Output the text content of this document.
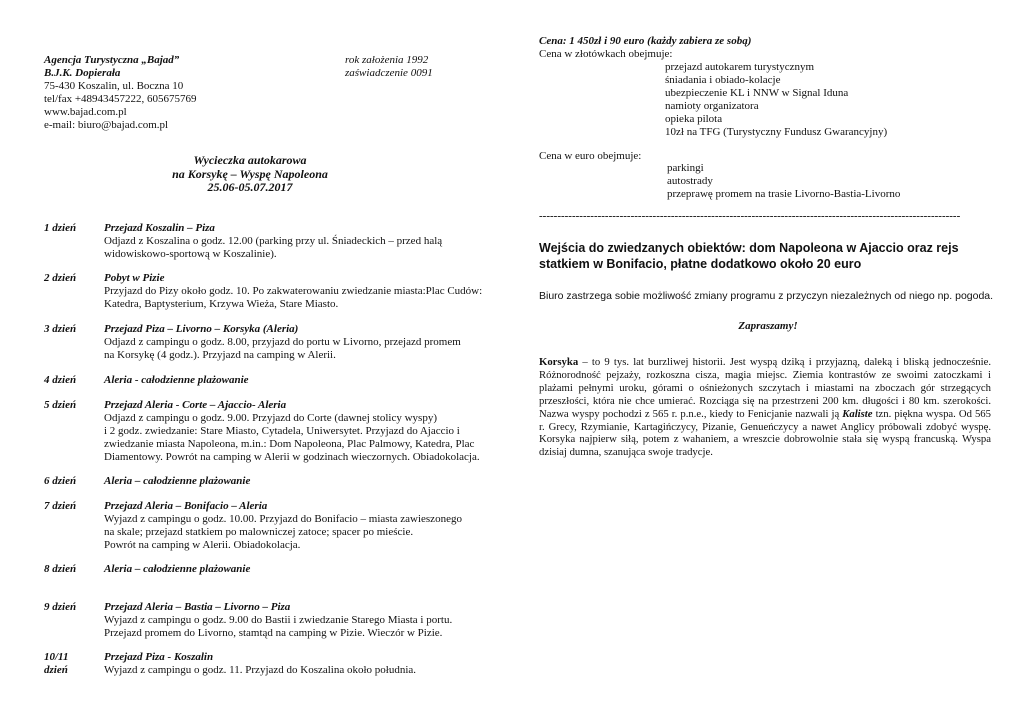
Agencja Turystyczna „Bajad”
B.J.K. Dopierała
75-430 Koszalin, ul. Boczna 10
tel/fax +48943457222, 605675769
www.bajad.com.pl
e-mail: biuro@bajad.com.pl
rok założenia 1992
zaświadczenie 0091
Wycieczka autokarowa
na Korsykę – Wyspę Napoleona
25.06-05.07.2017
1 dzień	Przejazd Koszalin – Piza
Odjazd z Koszalina o godz. 12.00 (parking przy ul. Śniadeckich – przed halą
widowiskowo-sportową w Koszalinie).
2 dzień	Pobyt w Pizie
Przyjazd do Pizy około godz. 10. Po zakwaterowaniu zwiedzanie miasta:Plac Cudów:
Katedra, Baptysterium, Krzywa Wieża, Stare Miasto.
3 dzień	Przejazd Piza – Livorno – Korsyka (Aleria)
Odjazd z campingu o godz. 8.00, przyjazd do portu w Livorno, przejazd promem
na Korsykę (4 godz.). Przyjazd na camping w Alerii.
4 dzień	Aleria - całodzienne plażowanie
5 dzień	Przejazd Aleria - Corte – Ajaccio- Aleria
Odjazd z campingu o godz. 9.00. Przyjazd do Corte (dawnej stolicy wyspy)
i 2 godz. zwiedzanie: Stare Miasto, Cytadela, Uniwersytet. Przyjazd do Ajaccio i
zwiedzanie miasta Napoleona, m.in.: Dom Napoleona, Plac Palmowy, Katedra, Plac
Diamentowy. Powrót na camping w Alerii w godzinach wieczornych. Obiadokolacja.
6 dzień	Aleria – całodzienne plażowanie
7 dzień	Przejazd Aleria – Bonifacio – Aleria
Wyjazd z campingu o godz. 10.00. Przyjazd do Bonifacio – miasta zawieszonego
na skale; przejazd statkiem po malowniczej zatoce; spacer po mieście.
Powrót na camping w Alerii. Obiadokolacja.
8 dzień	Aleria – całodzienne plażowanie
9 dzień	Przejazd Aleria – Bastia – Livorno – Piza
Wyjazd z campingu o godz. 9.00 do Bastii i zwiedzanie Starego Miasta i portu.
Przejazd promem do Livorno, stamtąd na camping w Pizie. Wieczór w Pizie.
10/11 dzień
Przejazd Piza - Koszalin
Wyjazd z campingu o godz. 11. Przyjazd do Koszalina około południa.
Cena: 1 450zł i 90 euro (każdy zabiera ze sobą)
Cena w złotówkach obejmuje:
przejazd autokarem turystycznym
śniadania i obiado-kolacje
ubezpieczenie KL i NNW w Signal Iduna
namioty organizatora
opieka pilota
10zł na TFG (Turystyczny Fundusz Gwarancyjny)
Cena w euro obejmuje:
parkingi
autostrady
przeprawę promem na trasie Livorno-Bastia-Livorno
-------------------------------------------------------------------------------------------------------------------
Wejścia do zwiedzanych obiektów: dom Napoleona w Ajaccio oraz rejs statkiem w Bonifacio, płatne dodatkowo około 20 euro
Biuro zastrzega sobie możliwość zmiany programu z przyczyn niezależnych od niego np. pogoda.
Zapraszamy!
Korsyka – to 9 tys. lat burzliwej historii. Jest wyspą dziką i przyjazną, daleką i bliską jednocześnie. Różnorodność pejzaży, rozkoszna cisza, magia miejsc. Ziemia kontrastów ze swoimi zatoczkami i plażami pełnymi uroku, górami o ośnieżonych szczytach i miastami na zboczach gór strzegących przeszłości, która nie chce umierać. Rozciąga się na przestrzeni 200 km. długości i 80 km. szerokości. Nazwa wyspy pochodzi z 565 r. p.n.e., kiedy to Fenicjanie nazwali ją Kaliste tzn. piękna wyspa. Od 565 r. Grecy, Rzymianie, Kartagińczycy, Pizanie, Genueńczycy a nawet Anglicy próbowali zdobyć wyspę. Korsyka najpierw siłą, potem z wahaniem, a wreszcie dobrowolnie stała się wyspą francuską. Wyspa dzisiaj dumna, szanująca swoje tradycje.
